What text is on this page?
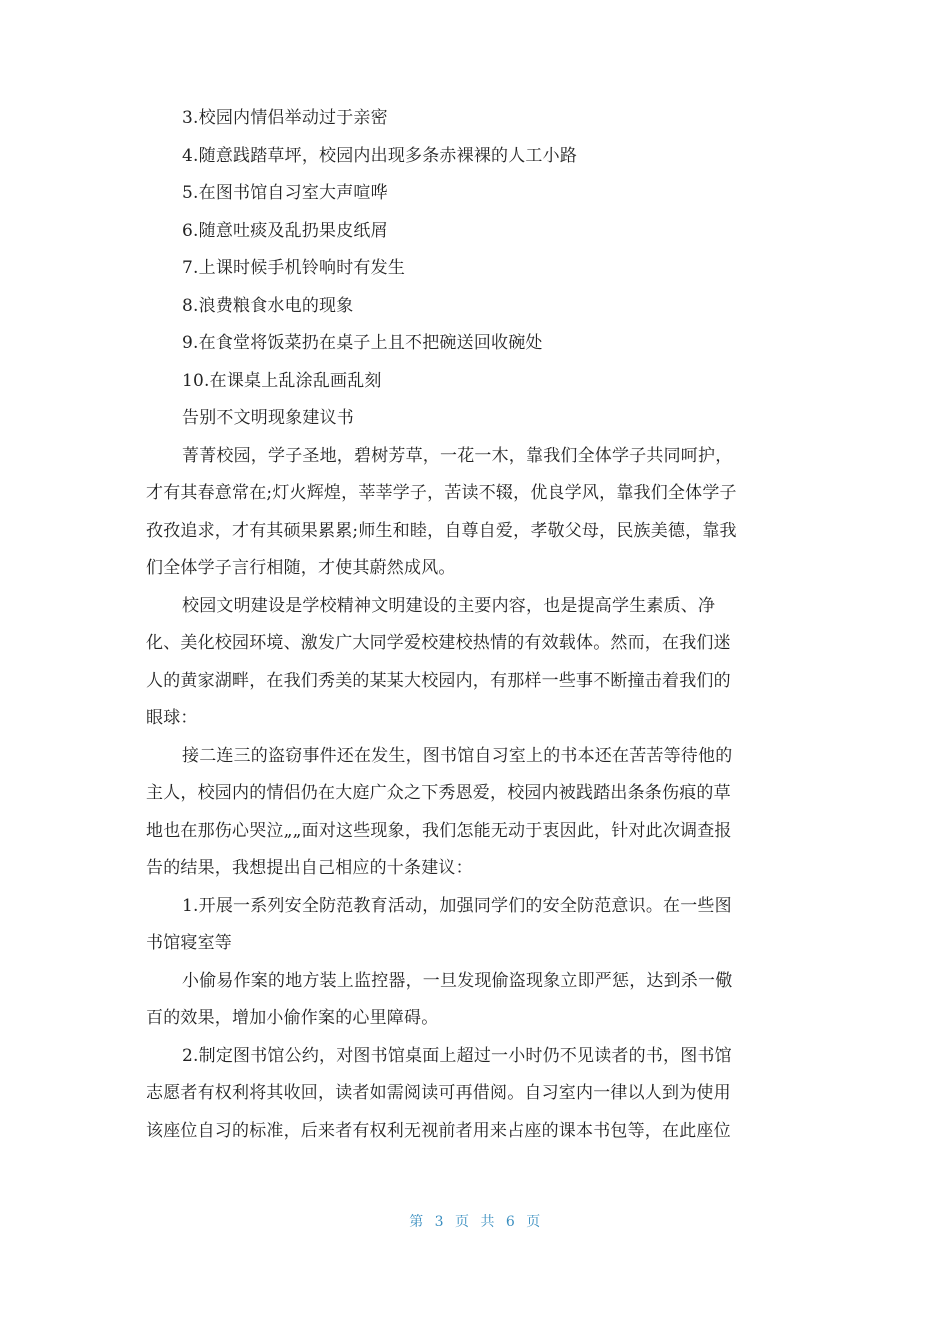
3.校园内情侣举动过于亲密
4.随意践踏草坪，校园内出现多条赤裸裸的人工小路
5.在图书馆自习室大声喧哗
6.随意吐痰及乱扔果皮纸屑
7.上课时候手机铃响时有发生
8.浪费粮食水电的现象
9.在食堂将饭菜扔在桌子上且不把碗送回收碗处
10.在课桌上乱涂乱画乱刻
告别不文明现象建议书
菁菁校园，学子圣地，碧树芳草，一花一木，靠我们全体学子共同呵护，
才有其春意常在;灯火辉煌，莘莘学子，苦读不辍，优良学风，靠我们全体学子
孜孜追求，才有其硕果累累;师生和睦，自尊自爱，孝敬父母，民族美德，靠我
们全体学子言行相随，才使其蔚然成风。
校园文明建设是学校精神文明建设的主要内容，也是提高学生素质、净
化、美化校园环境、激发广大同学爱校建校热情的有效载体。然而，在我们迷
人的黄家湖畔，在我们秀美的某某大校园内，有那样一些事不断撞击着我们的
眼球：
接二连三的盗窃事件还在发生，图书馆自习室上的书本还在苦苦等待他的
主人，校园内的情侣仍在大庭广众之下秀恩爱，校园内被践踏出条条伤痕的草
地也在那伤心哭泣„„面对这些现象，我们怎能无动于衷因此，针对此次调查报
告的结果，我想提出自己相应的十条建议：
1.开展一系列安全防范教育活动，加强同学们的安全防范意识。在一些图
书馆寝室等
小偷易作案的地方装上监控器，一旦发现偷盗现象立即严惩，达到杀一儆
百的效果，增加小偷作案的心里障碍。
2.制定图书馆公约，对图书馆桌面上超过一小时仍不见读者的书，图书馆
志愿者有权利将其收回，读者如需阅读可再借阅。自习室内一律以人到为使用
该座位自习的标准，后来者有权利无视前者用来占座的课本书包等，在此座位
第 3 页 共 6 页
